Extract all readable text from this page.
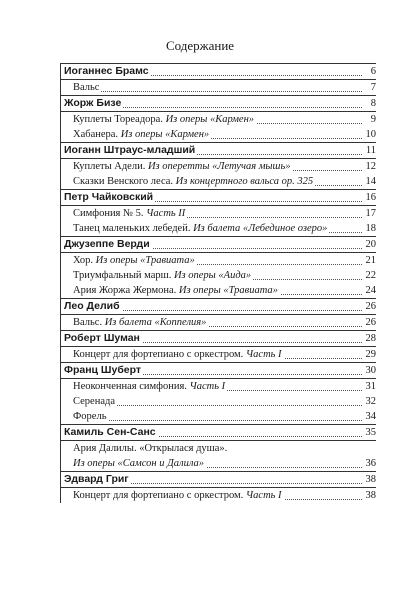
Содержание
Иоганнес Брамс	6
Вальс	7
Жорж Бизе	8
Куплеты Тореадора. Из оперы «Кармен»	9
Хабанера. Из оперы «Кармен»	10
Иоганн Штраус-младший	11
Куплеты Адели. Из оперетты «Летучая мышь»	12
Сказки Венского леса. Из концертного вальса ор. 325	14
Петр Чайковский	16
Симфония № 5. Часть II	17
Танец маленьких лебедей. Из балета «Лебединое озеро»	18
Джузеппе Верди	20
Хор. Из оперы «Травиата»	21
Триумфальный марш. Из оперы «Аида»	22
Ария Жоржа Жермона. Из оперы «Травиата»	24
Лео Делиб	26
Вальс. Из балета «Коппелия»	26
Роберт Шуман	28
Концерт для фортепиано с оркестром. Часть I	29
Франц Шуберт	30
Неоконченная симфония. Часть I	31
Серенада	32
Форель	34
Камиль Сен-Санс	35
Ария Далилы. «Открылася душа».
Из оперы «Самсон и Далила»	36
Эдвард Григ	38
Концерт для фортепиано с оркестром. Часть I	38
